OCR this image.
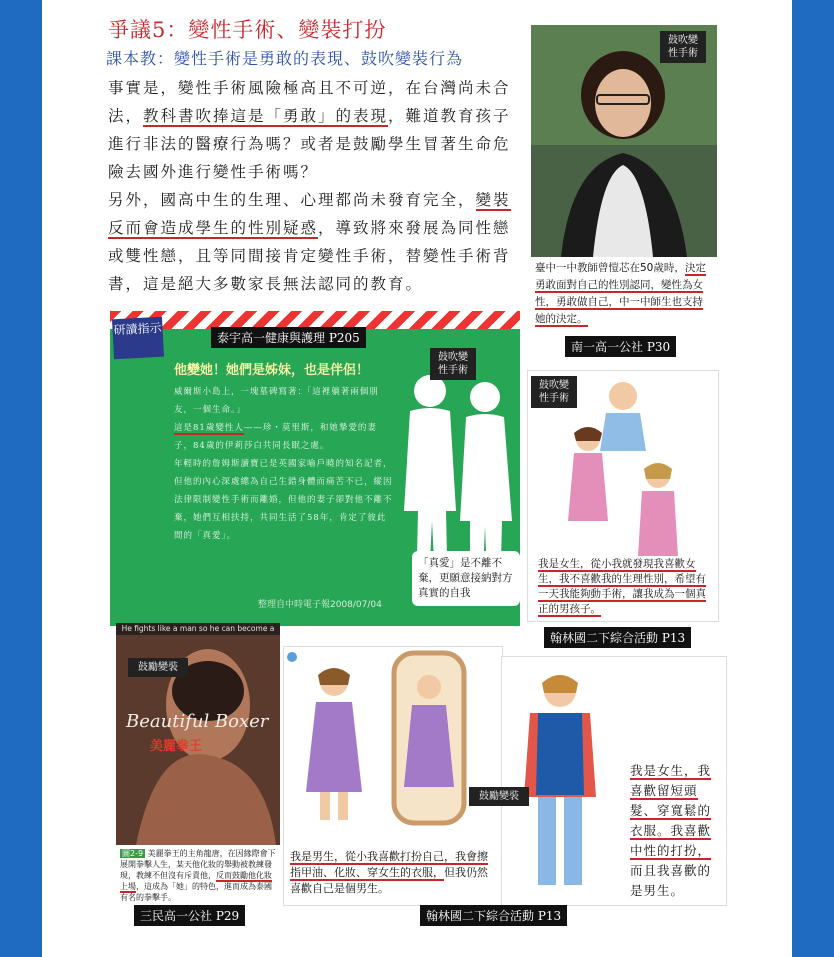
爭議5：變性手術、變裝打扮
課本教：變性手術是勇敢的表現、鼓吹變裝行為

事實是，變性手術風險極高且不可逆，在台灣尚未合法，教科書吹捧這是「勇敢」的表現，難道教育孩子進行非法的醫療行為嗎？或者是鼓勵學生冒著生命危險去國外進行變性手術嗎？

另外，國高中生的生理、心理都尚未發育完全，變裝反而會造成學生的性別疑惑，導致將來發展為同性戀或雙性戀，且等同間接肯定變性手術，替變性手術背書，這是絕大多數家長無法認同的教育。

鼓吹變性手術
臺中一中教師曾愷芯在50歲時，決定勇敢面對自己的性別認同，變性為女性，勇敢做自己，中一中師生也支持她的決定。
南一高一公社 P30
他變她！她們是姊妹，也是伴侶！
威爾斯小島上，一塊墓碑寫著：「這裡躺著兩個朋友，一個生命。」
這是81歲變性人——珍・莫里斯，和她摯愛的妻子，84歲的伊莉莎白共同長眠之處。
年輕時的詹姆斯讀寶已是英國家喻戶曉的知名記者，但他的內心深處總為自己生錯身體而痛苦不已，縱因法律限制變性手術而離婚，但他的妻子卻對他不離不棄，她們互相扶持，共同生活了58年，肯定了彼此間的「真愛」。
「真愛」是不離不棄，更願意接納對方真實的自我
整理自中時電子報2008/07/04
研讀指示
泰宇高一健康與護理 P205
鼓吹變性手術
我是女生，從小我就發現我喜歡女生，我不喜歡我的生理性別，希望有一天我能夠動手術，讓我成為一個真正的男孩子。
鼓吹變性手術
翰林國二下綜合活動 P13
He fights like a man so he can become a
Beautiful Boxer
美麗拳王
圖2-9 美麗拳王的主角龍唐，在因緣際會下展開拳擊人生，某天他化妝的舉動被教練發現，教練不但沒有斥責他，反而鼓勵他化妝上場，這成為「她」的特色，進而成為泰國有名的拳擊手。
鼓勵變裝
三民高一公社 P29
我是男生，從小我喜歡打扮自己，我會擦指甲油、化妝、穿女生的衣服，但我仍然喜歡自己是個男生。
我是女生，我喜歡留短頭髮、穿寬鬆的衣服。我喜歡中性的打扮，而且我喜歡的是男生。
鼓勵變裝
翰林國二下綜合活動 P13
